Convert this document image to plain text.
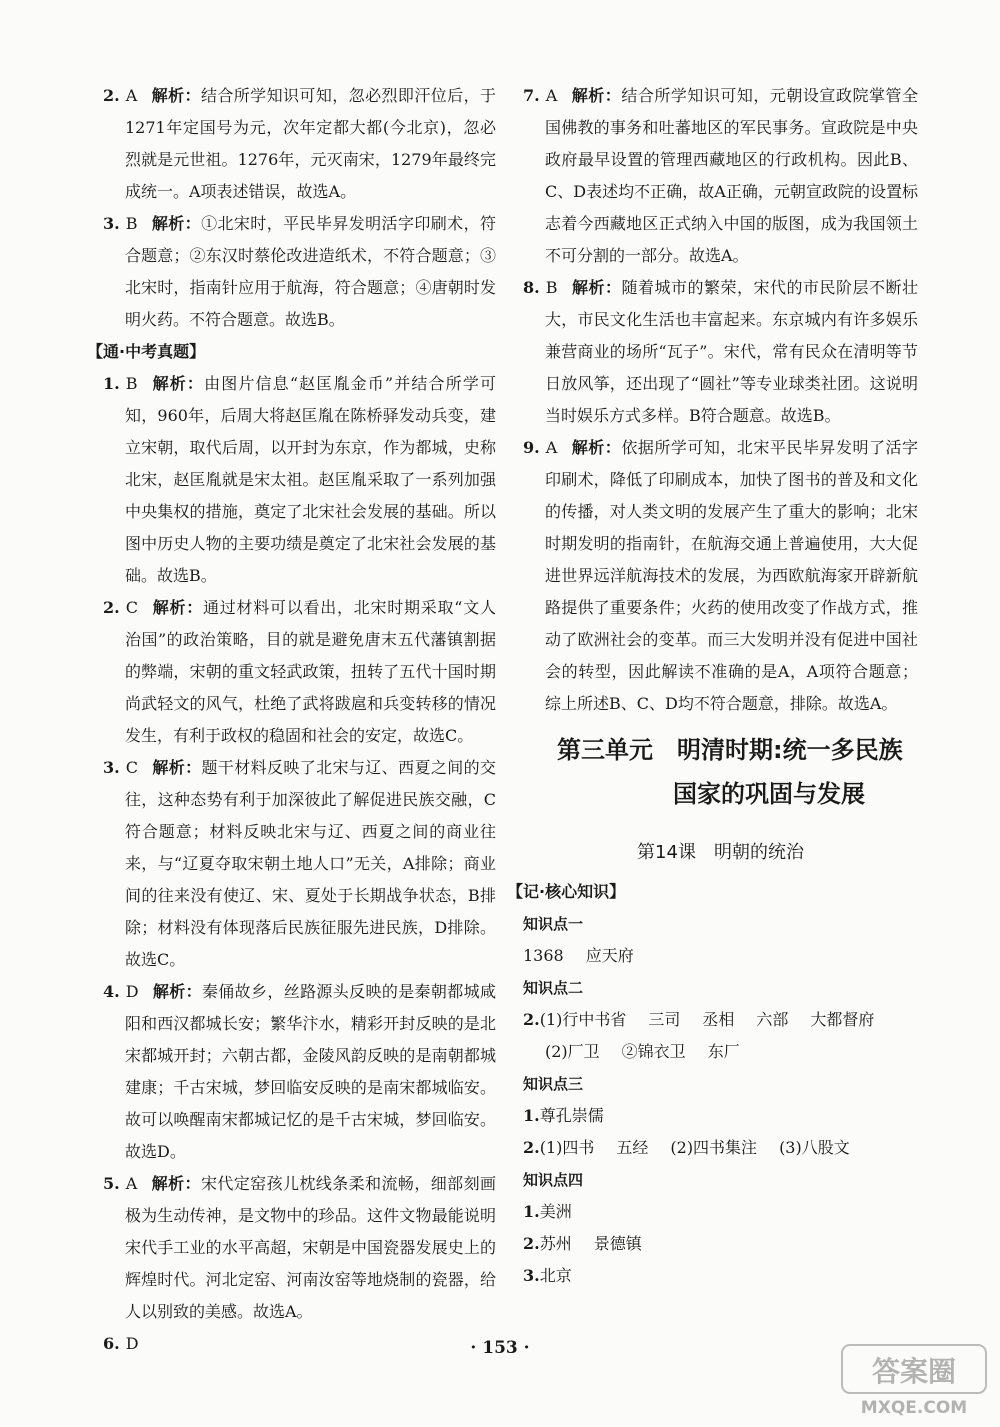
2. A 解析：结合所学知识可知，忽必烈即汗位后，于1271年定国号为元，次年定都大都(今北京)，忽必烈就是元世祖。1276年，元灭南宋，1279年最终完成统一。A项表述错误，故选A。

3. B 解析：①北宋时，平民毕昇发明活字印刷术，符合题意；②东汉时蔡伦改进造纸术，不符合题意；③北宋时，指南针应用于航海，符合题意；④唐朝时发明火药。不符合题意。故选B。

【通·中考真题】

1. B 解析：由图片信息“赵匡胤金币”并结合所学可知，960年，后周大将赵匡胤在陈桥驿发动兵变，建立宋朝，取代后周，以开封为东京，作为都城，史称北宋，赵匡胤就是宋太祖。赵匡胤采取了一系列加强中央集权的措施，奠定了北宋社会发展的基础。所以图中历史人物的主要功绩是奠定了北宋社会发展的基础。故选B。

2. C 解析：通过材料可以看出，北宋时期采取“文人治国”的政治策略，目的就是避免唐末五代藩镇割据的弊端，宋朝的重文轻武政策，扭转了五代十国时期尚武轻文的风气，杜绝了武将跋扈和兵变转移的情况发生，有利于政权的稳固和社会的安定，故选C。

3. C 解析：题干材料反映了北宋与辽、西夏之间的交往，这种态势有利于加深彼此了解促进民族交融，C符合题意；材料反映北宋与辽、西夏之间的商业往来，与“辽夏夺取宋朝土地人口”无关，A排除；商业间的往来没有使辽、宋、夏处于长期战争状态，B排除；材料没有体现落后民族征服先进民族，D排除。故选C。

4. D 解析：秦俑故乡，丝路源头反映的是秦朝都城咸阳和西汉都城长安；繁华汴水，精彩开封反映的是北宋都城开封；六朝古都，金陵风韵反映的是南朝都城建康；千古宋城，梦回临安反映的是南宋都城临安。故可以唤醒南宋都城记忆的是千古宋城，梦回临安。故选D。

5. A 解析：宋代定窑孩儿枕线条柔和流畅，细部刻画极为生动传神，是文物中的珍品。这件文物最能说明宋代手工业的水平高超，宋朝是中国瓷器发展史上的辉煌时代。河北定窑、河南汝窑等地烧制的瓷器，给人以别致的美感。故选A。

6. D

7. A 解析：结合所学知识可知，元朝设宣政院掌管全国佛教的事务和吐蕃地区的军民事务。宣政院是中央政府最早设置的管理西藏地区的行政机构。因此B、C、D表述均不正确，故A正确，元朝宣政院的设置标志着今西藏地区正式纳入中国的版图，成为我国领土不可分割的一部分。故选A。

8. B 解析：随着城市的繁荣，宋代的市民阶层不断壮大，市民文化生活也丰富起来。东京城内有许多娱乐兼营商业的场所“瓦子”。宋代，常有民众在清明等节日放风筝，还出现了“圆社”等专业球类社团。这说明当时娱乐方式多样。B符合题意。故选B。

9. A 解析：依据所学可知，北宋平民毕昇发明了活字印刷术，降低了印刷成本，加快了图书的普及和文化的传播，对人类文明的发展产生了重大的影响；北宋时期发明的指南针，在航海交通上普遍使用，大大促进世界远洋航海技术的发展，为西欧航海家开辟新航路提供了重要条件；火药的使用改变了作战方式，推动了欧洲社会的变革。而三大发明并没有促进中国社会的转型，因此解读不准确的是A，A项符合题意；综上所述B、C、D均不符合题意，排除。故选A。

第三单元　明清时期:统一多民族
国家的巩固与发展
第14课 明朝的统治
【记·核心知识】
知识点一
1368 应天府
知识点二
2.(1)行中书省 三司 丞相 六部 大都督府
(2)厂卫 ②锦衣卫 东厂
知识点三
1.尊孔崇儒
2.(1)四书 五经 (2)四书集注 (3)八股文
知识点四
1.美洲
2.苏州 景德镇
3.北京
· 153 ·
答案圈
MXQE.COM
